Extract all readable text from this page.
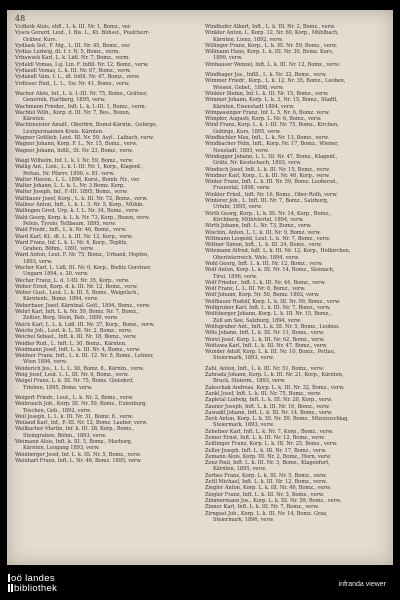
48
Vcdlošk Alois, ehfl., L. k. III. Nr. 1, Bomz., ver.
Vyara Gerard, Leut., I. Bis. L., Kt. Bühsst., Pusfcherr-
Gräber, Kurs.
Vydlaek Sof., F. Mg., L. III. Nr. 45, Bomz., ver.
Vydlas Ludwig, dt. f. r. N. 5, Bomz., verm.
Vrbawsek Karl, L. k. Lidl. Nr. 7, Bomz., verm.
Vydaldl Vomas, Lsj. Lin. F. Infill. Nr. 12, Bomz., verw.
Vydlaodl Vomas, L. k. III. Nr. 67, Bomz., verw.
Vydalodl Vam. I. L., dt. Infill. Nr. 47, Bomz., verw.
Vrdlosec Rud., L. L., Sw. Nr. 41, Bomz., verw.
Wacher Alois, Inf., L. k. I.-III. Nr. 75, Bomz., Grätzer,
Genernik, Hartberg, 1895, verw.
Wachmann Frieder., Inft. L. k. I.-III. 1, Bomz., verm.
Wachtel Wilh., Korp. d. III. Nr. 7, Bes., Bozen,
Kärnten.
Wachtmeister Amalf., Oberfirn, Bomsl-Kärntn., Gebirge,
Leutgermannen Kreis. Kärnten.
Wagner Gottlieb, Leut. III. Nr. 59, Asyl.. Laibach, verw.
Wagner Johann, Korp. F. L., Nr. 15, Bomz., verw.
Wagner Johann, Infill., St. Nr. 23, Bomz., verw.
Waigl Wilhelm, Inf. L. k. I. Nr. 59, Bomz., verw.
Wallig Ant., Lisb., L. k. I.-III. Nr. 1, Korp., Klagenf.,
Pettau, Nr. Pfarrv. 1890, s. 81. verw.
Walter Hieron., L. L. 1896, Korsi., Bomb. Nr., ver.
Walter Johann, L. L. k. L. Nr. 3 Bomz. Korp.
Walter Joseph, Inf., F.-III. 1895, Bomz., verw.
Waltbauer Josef, Korp., L. k. III. Nr. 72, Bomz., verw.
Wallner Anton, Inft., L. k. L. 3. Nr. 5, Korp., Mühln.
Wallingen Gred, Urp. k. I. L. Nr. 34, Bomz., verw.
Wald Georg, Korp. k. L. k. Nr. 73, Korp., Bozen, verw.
Peleis, Tyrolo, Tellbaum, 1895, verw.
Wald Friedr., Inft., L. k. Nr. 46, Bomz., verw.
Ward Karl, Kf., dt. L. k. III. Nr. 12, Korp., verw.
Ward Franz, Inf. L. k. L. Nr. 4, Korp., Teplitz,
Graben, Böhm., 1891, verw.
Ward Anton, Leut. F. Nr. 75, Bomz., Urbanii, Hopfen,
1893, verw.
Wecher Karl, L. Lidl. III. Nr. 6, Korp., Bielitz Gerstner,
Ungarn 1894, s. 20. verw.
Wecher Franz, L. d. 1-III. Nr. 35, Korp., verw.
Weber Ernst, Korp. d. k. III. Nr. 12, Bomz., verw.
Weber Gust., Leut. L. k. III. 5, Bomz., Weigelsch.,
Kärntenb., Bomz. 1894, verw.
Weberbaur, Josef, Kärntnal. Gott., 1894, Bomz., verw.
Wehrl Karl, Inft. L. k. Nr. 59, Bomz. Nr. 7, Bomz.,
Zeitler, Berg. Stein, Beb., 1899, verw.
Weich Karl, L. L. k. Lidl. III. Nr. 37, Korp., Bomz., verw.
Weiche Joh., Leut. k. L. III. Nr. 2, Bomz., verw.
Weichel Sebast., Inft. k. III. Nr. 18, Bomz., verw.
Weidler Rud., L. Inft. L. 30, Bomz., Kärnten,
Weidmann Josef, Inft. L. k. III. Nr. 4, Bomz., verw.
Weidner Franz, Inft., L. k. III. 12. Nr. 5, Bomz., Lehner,
Wien 1894, verw.
Weiderich Jos., L. L. L. 30, Bomz. 8., Kärntn., verw.
Weig Josef, Leut. L. L. III. Nr. 6, Bomz., verw.
Weigel Franz, L. k. III. Nr. 75, Bomz. Gleisdorf,
Trieben, 1895, Bomz. verw.
Weigert Friedr., Leut., L. k. Nr. 2, Bomz., verw.
Weihrauch Joh., Korp. III. Nr. 59, Bomz., Eulenburg,
Teschen, Geb., 1892, verw.
Weil Joseph, L. L. k. III. Nr. 31, Bomz. 8., verw.
Weiland Karl, Inf., F.-III. Nr. 12, Bomz. Lauber, verw.
Weilbacher Martin, Inf. k. III. 38, Korp., Bomz.,
Steingraben, Böhm., 1893, verw.
Weimann Alois, Inft. k. III. 5, Bomz., Marburg,
Kärnten, Leogang 1893, verw.
Weinberger Josef, Inf. L. k. III. Nr. 5, Bomz., verw.
Weinhart Franz, Inft. L. Nr. 46, Bomz. 1895, verw.
Windhofer Albert, Inft., L. k. III. Nr. 2, Bomz., verw.
Winkler Anton, L. Korp. 12, Nr. 60, Korp., Mühlbach,
Kärnten, Lienz, 1892, verw.
Willinger Franz, Korp., L. k. III. Nr. 59, Bomz., verw.
Willmann Hans, Korp. L. k. III. Nr. 30, Bomz. Kurs,
1899, verw.
Winhauser Wenzel, Inft. L. k. III. Nr. 12, Bomz., verw.
Windhager Jos., Infill., L. k. Nr. 32, Bomz., verw.
Wimmer Friedr., Korp., L. k. 12, Nr. 35, Bomz., Leoben,
Wiesen, Gebet., 1898, verw.
Winkler Stefan, Inf. L. k. III. Nr. 15, Bomz., verw.
Wimmer Johann, Korp. L. k. 3, Nr. 15, Bomz., Stadtl,
Kärnten, Eisenstadt 1894, verw.
Wimpassinger Franz, Inf. L. 5, Nr. 6, Bomz. verw.
Wimpler, Augusti, Korp. L. Nr. 6, Bomz., verw.
Wind Franz, Korp. L. k. I.-III. Nr. 75, Bomz., Kirchen,
Gebirge, Kurs, 1895, verw.
Windbichler Max, Inft., L. k. Nr. 13, Bomz., verw.
Windbacher Felix, Inft., Korp. Nr. 17, Bomz., Wiener,
Neustadt, 1893, verw.
Windegger Johann, L. L. III. Nr. 47, Bomz., Klagenf.,
Grätz, Nr. Keutschach, 1893, verw.
Windisch Josef, Inft. L. k. III. Nr. 15, Bomz., verw.
Windner Karl, Korp., L. k. III. Nr. 46, Korp., verw.
Winter Franz, Inft. L. k. III. Nr. 59, Bomz. Leobersd.,
Frauental, 1898, verw.
Winkler Fried., Inft. Nr. 16, Bomz., Ober-Roth, verw.
Winterer Joh., L. Inft. III. Nr. 7, Bomz., Salzburg,
Urfahr, 1895, verw.
Wirth Georg, Korp., L. k. III. Nr. 14, Korp., Bomz.,
Kirchberg, Mühlviertel, 1894, verw.
Wirth Johann, Inft. L. Nr. 73, Bomz., verw.
Wischin, Anton, L. L. k. III. Nr. 9, Bomz. verw.
Wittmann Leopold, Leut. L. k. Nr. 7, Bomz., verw.
Wittner Simon, Inft., L. k. III. 24, Bomz., verw.
Witzmann Alfred, Inft. L. k. III. Nr. 12, Korp., Hofkirchen,
Oberösterreich, Wels, 1894, verw.
Wohl Georg, Inft. L. k. III. Nr. 12, Bomz., verw.
Wolf Anton, Korp. L. k. III. Nr. 14, Bomz., Steinach,
Tirol, 1896, verw.
Wolf Frieder., Inft. L. k. III. Nr. 44, Bomz., verw.
Wolf Franz, L. L. III. Nr. 8, Bomz., verw.
Wolf Johann, Korp. Nr. 50, Bomz. 1892, verw.
Wolfbauer Rudolf, Korp. L. k. III. Nr. 99, Bomz., verw.
Wolfgruber Karl, Inft. L. k. III. Nr. 7, Bomz., verw.
Wolfsberger Johann, Korp. L. k. III. Nr. 15, Bomz.,
Zell am See, Salzburg, 1894, verw.
Wolfsgruber Ant., Inft. L. k. III. Nr. 5, Bomz., Leoben.
Wöls Johann, Inft. L. k. III. Nr. 11, Bomz., verw.
Worel Josef, Korp. L. k. III. Nr. 62, Bomz., verw.
Wottawa Karl, Inft. L. k. III. Nr. 47, Bomz., verw.
Wunder Adolf, Korp. L. k. III. Nr. 10, Bomz., Pettau,
Steiermark, 1893, verw.
Zahl, Anton, Inft., L. k. III. Nr. 51, Bomz., verw.
Zahrada Johann, Korp. L. k. III. Nr. 21, Korp., Kärnten,
Bruck, Steierm., 1893, verw.
Zaleschak Andreas, Korp. L. k. III. Nr. 32, Bomz., verw.
Zankl Josef, Inft. L. k. III. Nr. 75, Bomz., verw.
Zapletal Ludwig, Inft. L. k. III. Nr. 20, Korp., verw.
Zauner Joseph, Inft. L. k. III. Nr. 16, Bomz., verw.
Zawadil Johann, Inft. L. k. III. Nr. 14, Bomz., verw.
Zeck Anton, Korp. L. k. III. Nr. 59, Bomz., Mürzzuschlag,
Steiermark, 1893, verw.
Zehetner Karl, Inft. L. k. Nr. 7, Korp., Bomz., verw.
Zeiner Ernst, Inft. L. k. III. Nr. 12, Bomz., verw.
Zeitlinger Franz, Korp. L. k. III. Nr. 25, Bomz., verw.
Zeller Joseph, Inft. L. k. III. Nr. 17, Bomz., verw.
Zemann Alois, Korp. III. Nr. 2, Bomz., Horn, verw.
Zenz Paul, Inft. L. k. III. Nr. 3, Bomz., Klagenfurt,
Kärnten, 1895, verw.
Zerbes Franz, Korp. L. k. III. Nr. 5, Bomz., verw.
Zettl Michael, Inft. L. k. III. Nr. 12, Bomz., verw.
Ziegler Anton, Korp. L. k. III. Nr. 46, Bomz., verw.
Ziegler Franz, Inft. L. k. III. Nr. 3, Bomz., verw.
Zimmermann Jos., Korp. L. k. III. Nr. 59, Bomz., verw.
Zinner Karl, Inft. L. k. III. Nr. 7, Bomz., verw.
Zirngast Joh., Korp. L. k. III. Nr. 14, Bomz. Graz,
Steiermark, 1896, verw.
oö landes
bibliothek	infranda viewer
